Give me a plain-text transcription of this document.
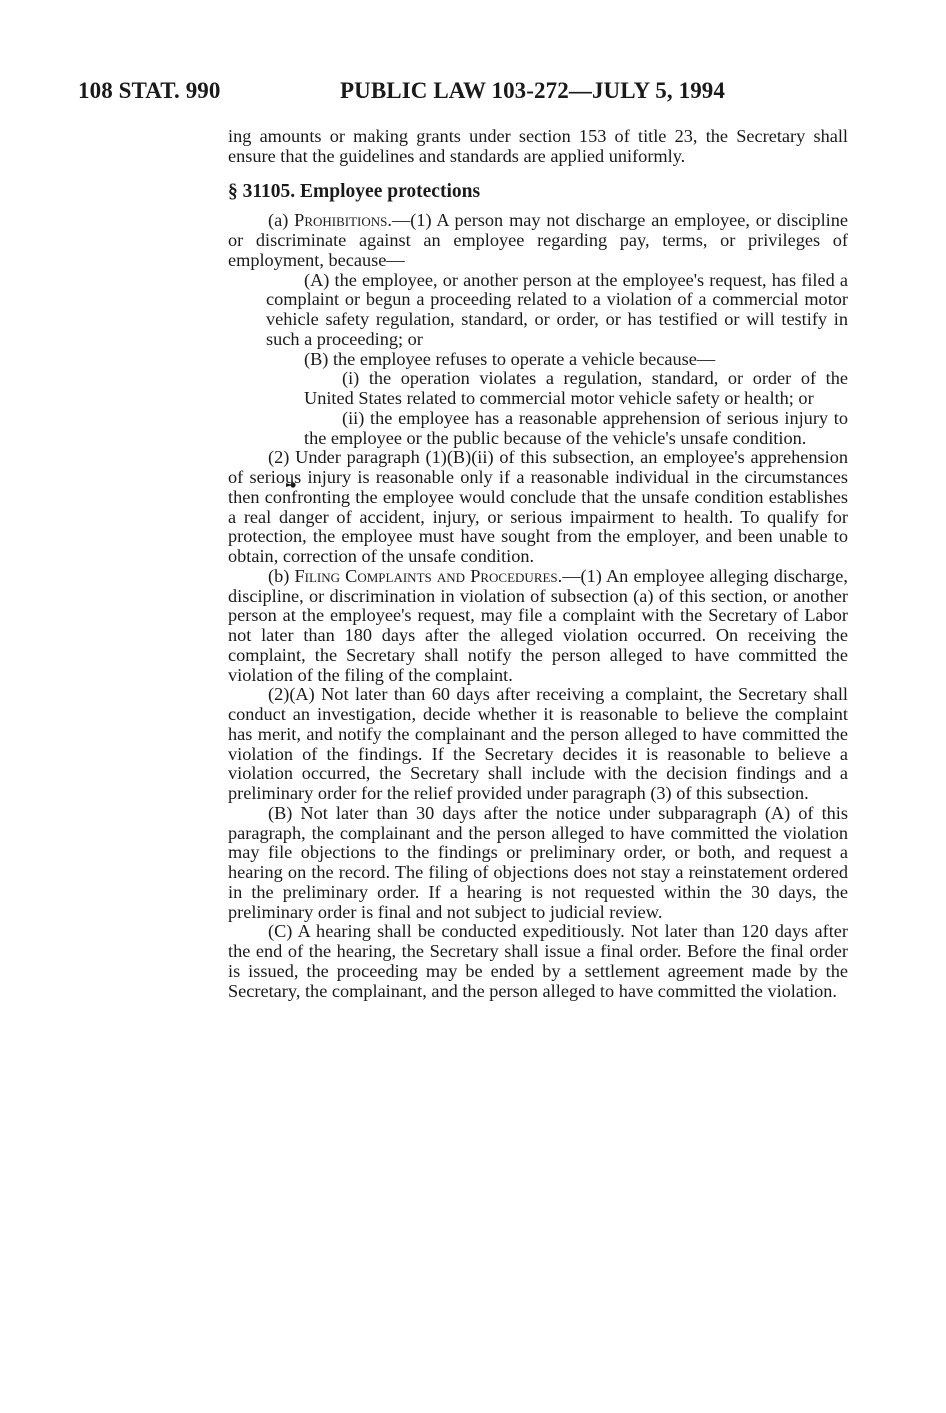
108 STAT. 990	PUBLIC LAW 103-272—JULY 5, 1994

ing amounts or making grants under section 153 of title 23, the Secretary shall ensure that the guidelines and standards are applied uniformly.

§ 31105. Employee protections

(a) Prohibitions.—(1) A person may not discharge an employee, or discipline or discriminate against an employee regarding pay, terms, or privileges of employment, because—

(A) the employee, or another person at the employee's request, has filed a complaint or begun a proceeding related to a violation of a commercial motor vehicle safety regulation, standard, or order, or has testified or will testify in such a proceeding; or

(B) the employee refuses to operate a vehicle because—

(i) the operation violates a regulation, standard, or order of the United States related to commercial motor vehicle safety or health; or

(ii) the employee has a reasonable apprehension of serious injury to the employee or the public because of the vehicle's unsafe condition.

(2) Under paragraph (1)(B)(ii) of this subsection, an employee's apprehension of serious injury is reasonable only if a reasonable individual in the circumstances then confronting the employee would conclude that the unsafe condition establishes a real danger of accident, injury, or serious impairment to health. To qualify for protection, the employee must have sought from the employer, and been unable to obtain, correction of the unsafe condition.

(b) Filing Complaints and Procedures.—(1) An employee alleging discharge, discipline, or discrimination in violation of subsection (a) of this section, or another person at the employee's request, may file a complaint with the Secretary of Labor not later than 180 days after the alleged violation occurred. On receiving the complaint, the Secretary shall notify the person alleged to have committed the violation of the filing of the complaint.

(2)(A) Not later than 60 days after receiving a complaint, the Secretary shall conduct an investigation, decide whether it is reasonable to believe the complaint has merit, and notify the complainant and the person alleged to have committed the violation of the findings. If the Secretary decides it is reasonable to believe a violation occurred, the Secretary shall include with the decision findings and a preliminary order for the relief provided under paragraph (3) of this subsection.

(B) Not later than 30 days after the notice under subparagraph (A) of this paragraph, the complainant and the person alleged to have committed the violation may file objections to the findings or preliminary order, or both, and request a hearing on the record. The filing of objections does not stay a reinstatement ordered in the preliminary order. If a hearing is not requested within the 30 days, the preliminary order is final and not subject to judicial review.

(C) A hearing shall be conducted expeditiously. Not later than 120 days after the end of the hearing, the Secretary shall issue a final order. Before the final order is issued, the proceeding may be ended by a settlement agreement made by the Secretary, the complainant, and the person alleged to have committed the violation.
